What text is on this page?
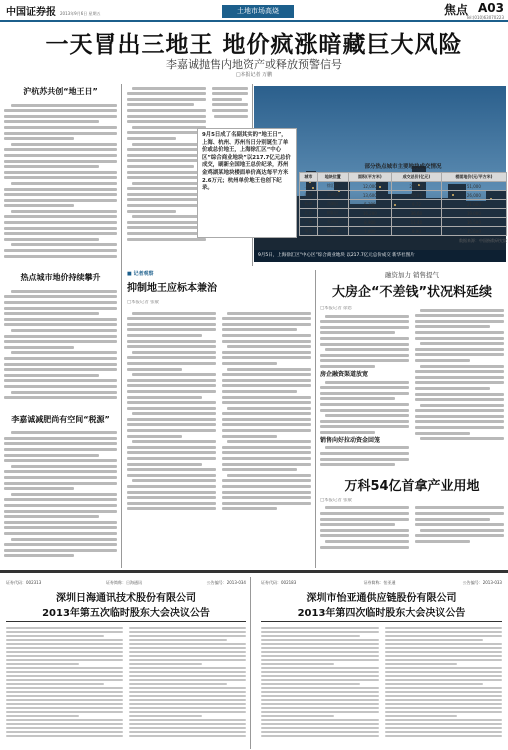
中国证券报 2013年9月6日 星期五	土地市场高烧	焦点 A03
Tel:(010)63070223
一天冒出三地王 地价疯涨暗藏巨大风险
李嘉诚抛售内地资产或释放预警信号
□本报记者 万鹏
沪杭苏共创“地王日”
热点城市地价持续攀升
李嘉诚减肥尚有空间“税源”
9月5日，上海徐汇区“中心区”综合商业地块 以217.7亿元总价成交 新华社图片
9月5日成了名副其实的“地王日”，上海、杭州、苏州当日分别诞生了单价或总价地王，上海徐汇区“中心区”综合商业地块”以217.7亿元总价成交，刷新全国地王总价纪录，苏州金鸡湖某地块楼面单价高达每平方米2.6万元；杭州单价地王也创下纪录。
部分热点城市主要地块成交情况
城市	地块位置	面积(平方米)	成交总价(亿元)	楼面地价(元/平方米)
上海	徐汇区	12,000	217.70	51,000
苏州	金鸡湖	13,600	20.85	26,000
杭州	西湖区	5,300	9.72	21,000
北京	朝阳区	16,200	36.60	19,000
广州	天河区	8,900	11.40	16,500
南京	鼓楼区	7,800	8.90	15,600
数据来源：中国指数研究院
■ 记者观察
抑制地王应标本兼治
□本报记者 张敏
融资加力 销售提气
大房企“不差钱”状况料延续
□本报记者 徐恩
房企融资渠道放宽
销售向好拉动资金回笼
万科54亿首拿产业用地
□本报记者 张敏
证券代码：002313	证券简称：日海通讯	公告编号：2013-034
深圳日海通讯技术股份有限公司
2013年第五次临时股东大会决议公告
证券代码：002183	证券简称：怡亚通	公告编号：2013-033
深圳市怡亚通供应链股份有限公司
2013年第四次临时股东大会决议公告
